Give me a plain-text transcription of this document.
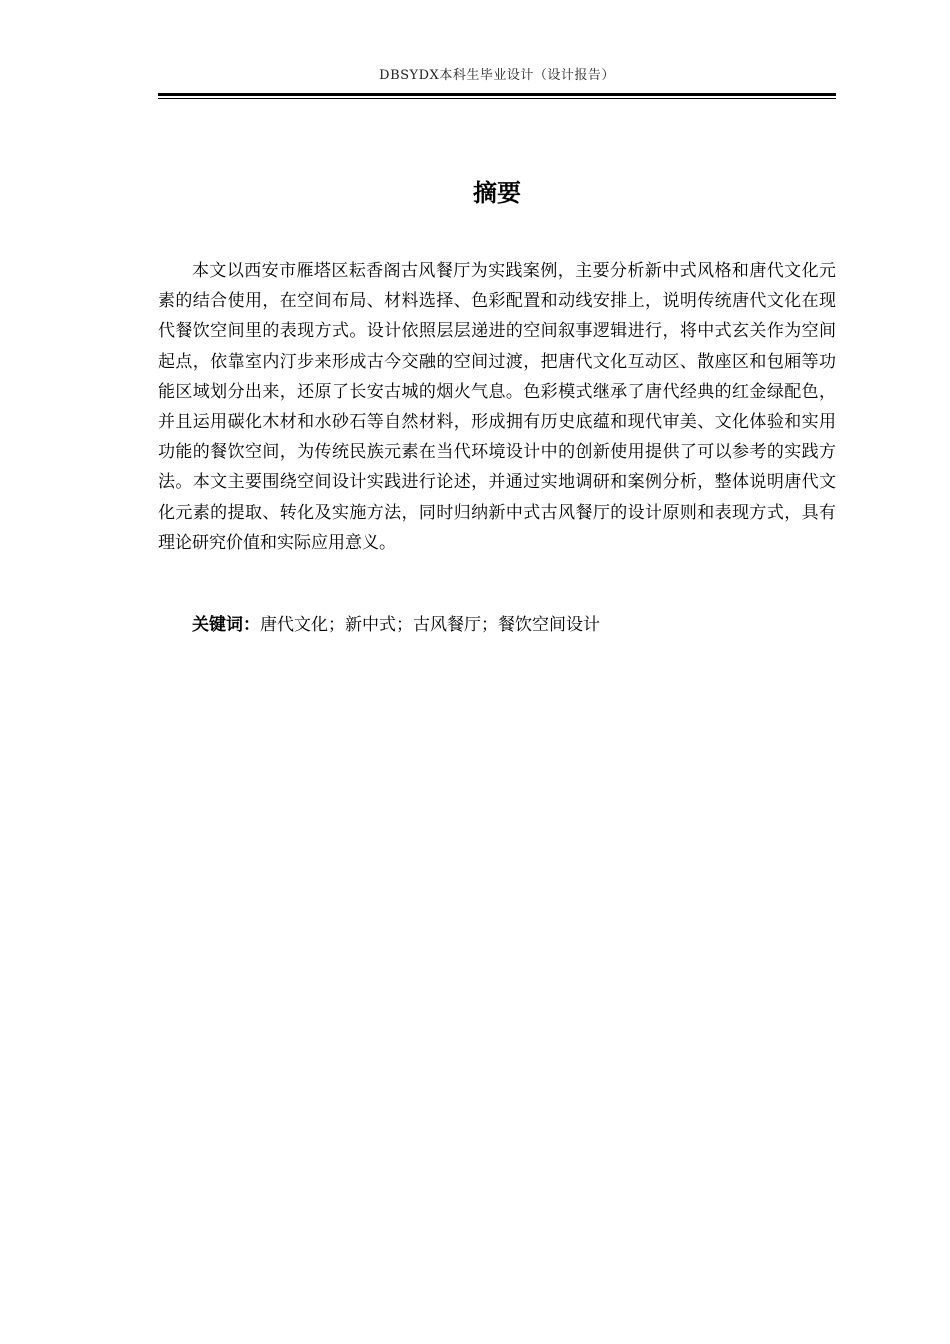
DBSYDX本科生毕业设计（设计报告）
摘要

本文以西安市雁塔区耘香阁古风餐厅为实践案例，主要分析新中式风格和唐代文化元素的结合使用，在空间布局、材料选择、色彩配置和动线安排上，说明传统唐代文化在现代餐饮空间里的表现方式。设计依照层层递进的空间叙事逻辑进行，将中式玄关作为空间起点，依靠室内汀步来形成古今交融的空间过渡，把唐代文化互动区、散座区和包厢等功能区域划分出来，还原了长安古城的烟火气息。色彩模式继承了唐代经典的红金绿配色，并且运用碳化木材和水砂石等自然材料，形成拥有历史底蕴和现代审美、文化体验和实用功能的餐饮空间，为传统民族元素在当代环境设计中的创新使用提供了可以参考的实践方法。本文主要围绕空间设计实践进行论述，并通过实地调研和案例分析，整体说明唐代文化元素的提取、转化及实施方法，同时归纳新中式古风餐厅的设计原则和表现方式，具有理论研究价值和实际应用意义。

关键词：唐代文化；新中式；古风餐厅；餐饮空间设计
